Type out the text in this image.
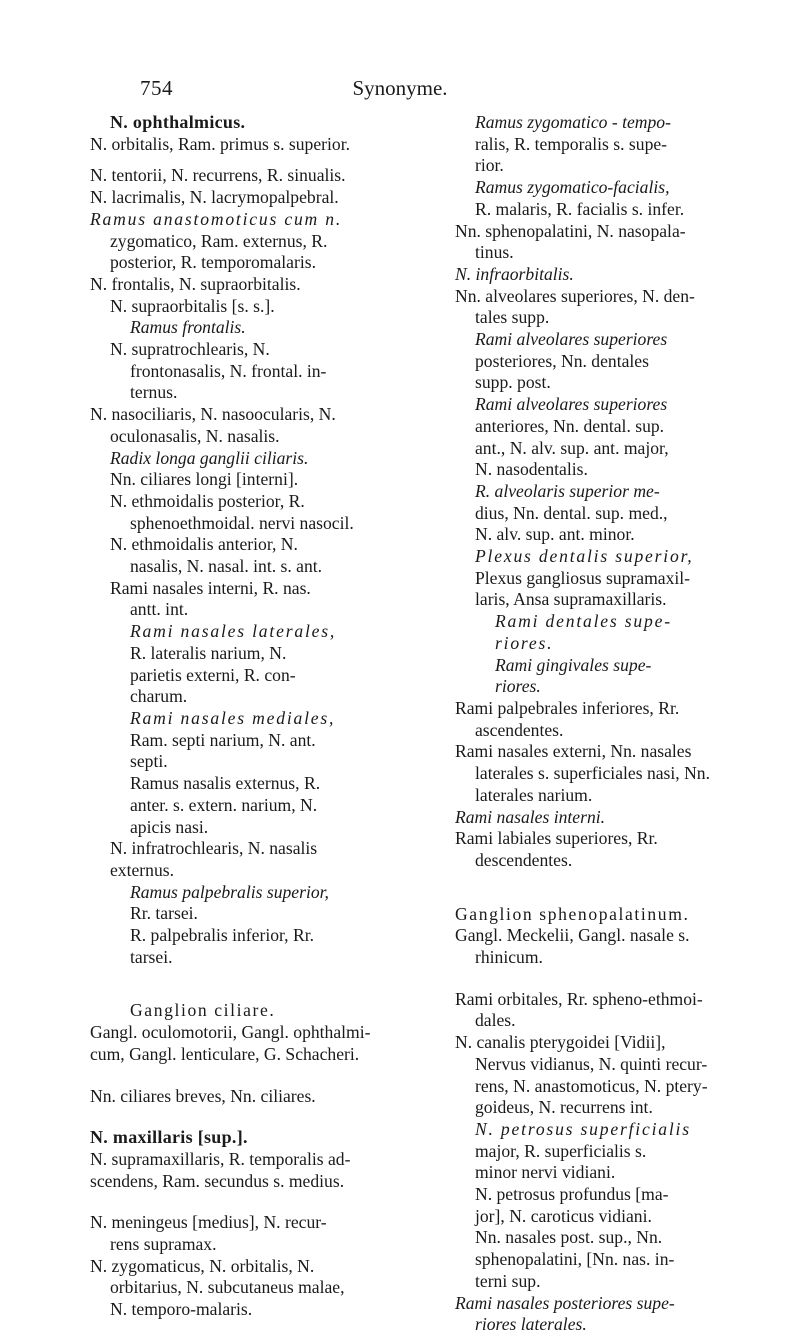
754	Synonyme.
N. ophthalmicus.
N. orbitalis, Ram. primus s. superior.
N. tentorii, N. recurrens, R. sinualis.
N. lacrimalis, N. lacrymopalpebral.
Ramus anastomoticus cum n.
zygomatico, Ram. externus, R.
posterior, R. temporomalaris.
N. frontalis, N. supraorbitalis.
N. supraorbitalis [s. s.].
Ramus frontalis.
N. supratrochlearis, N.
frontonasalis, N. frontal. in-
ternus.
N. nasociliaris, N. nasoocularis, N.
oculonasalis, N. nasalis.
Radix longa ganglii ciliaris.
Nn. ciliares longi [interni].
N. ethmoidalis posterior, R.
sphenoethmoidal. nervi nasocil.
N. ethmoidalis anterior, N.
nasalis, N. nasal. int. s. ant.
Rami nasales interni, R. nas.
antt. int.
Rami nasales laterales,
R. lateralis narium, N.
parietis externi, R. con-
charum.
Rami nasales mediales,
Ram. septi narium, N. ant.
septi.
Ramus nasalis externus, R.
anter. s. extern. narium, N.
apicis nasi.
N. infratrochlearis, N. nasalis
externus.
Ramus palpebralis superior,
Rr. tarsei.
R. palpebralis inferior, Rr.
tarsei.
Ganglion ciliare.
Gangl. oculomotorii, Gangl. ophthalmi-
cum, Gangl. lenticulare, G. Schacheri.
Nn. ciliares breves, Nn. ciliares.
N. maxillaris [sup.].
N. supramaxillaris, R. temporalis ad-
scendens, Ram. secundus s. medius.
N. meningeus [medius], N. recur-
rens supramax.
N. zygomaticus, N. orbitalis, N.
orbitarius, N. subcutaneus malae,
N. temporo-malaris.
Ramus zygomatico - tempo-
ralis, R. temporalis s. supe-
rior.
Ramus zygomatico-facialis,
R. malaris, R. facialis s. infer.
Nn. sphenopalatini, N. nasopala-
tinus.
N. infraorbitalis.
Nn. alveolares superiores, N. den-
tales supp.
Rami alveolares superiores
posteriores, Nn. dentales
supp. post.
Rami alveolares superiores
anteriores, Nn. dental. sup.
ant., N. alv. sup. ant. major,
N. nasodentalis.
R. alveolaris superior me-
dius, Nn. dental. sup. med.,
N. alv. sup. ant. minor.
Plexus dentalis superior,
Plexus gangliosus supramaxil-
laris, Ansa supramaxillaris.
Rami dentales supe-
riores.
Rami gingivales supe-
riores.
Rami palpebrales inferiores, Rr.
ascendentes.
Rami nasales externi, Nn. nasales
laterales s. superficiales nasi, Nn.
laterales narium.
Rami nasales interni.
Rami labiales superiores, Rr.
descendentes.
Ganglion sphenopalatinum.
Gangl. Meckelii, Gangl. nasale s.
rhinicum.
Rami orbitales, Rr. spheno-ethmoi-
dales.
N. canalis pterygoidei [Vidii],
Nervus vidianus, N. quinti recur-
rens, N. anastomoticus, N. ptery-
goideus, N. recurrens int.
N. petrosus superficialis
major, R. superficialis s.
minor nervi vidiani.
N. petrosus profundus [ma-
jor], N. caroticus vidiani.
Nn. nasales post. sup., Nn.
sphenopalatini, [Nn. nas. in-
terni sup.
Rami nasales posteriores supe-
riores laterales.
